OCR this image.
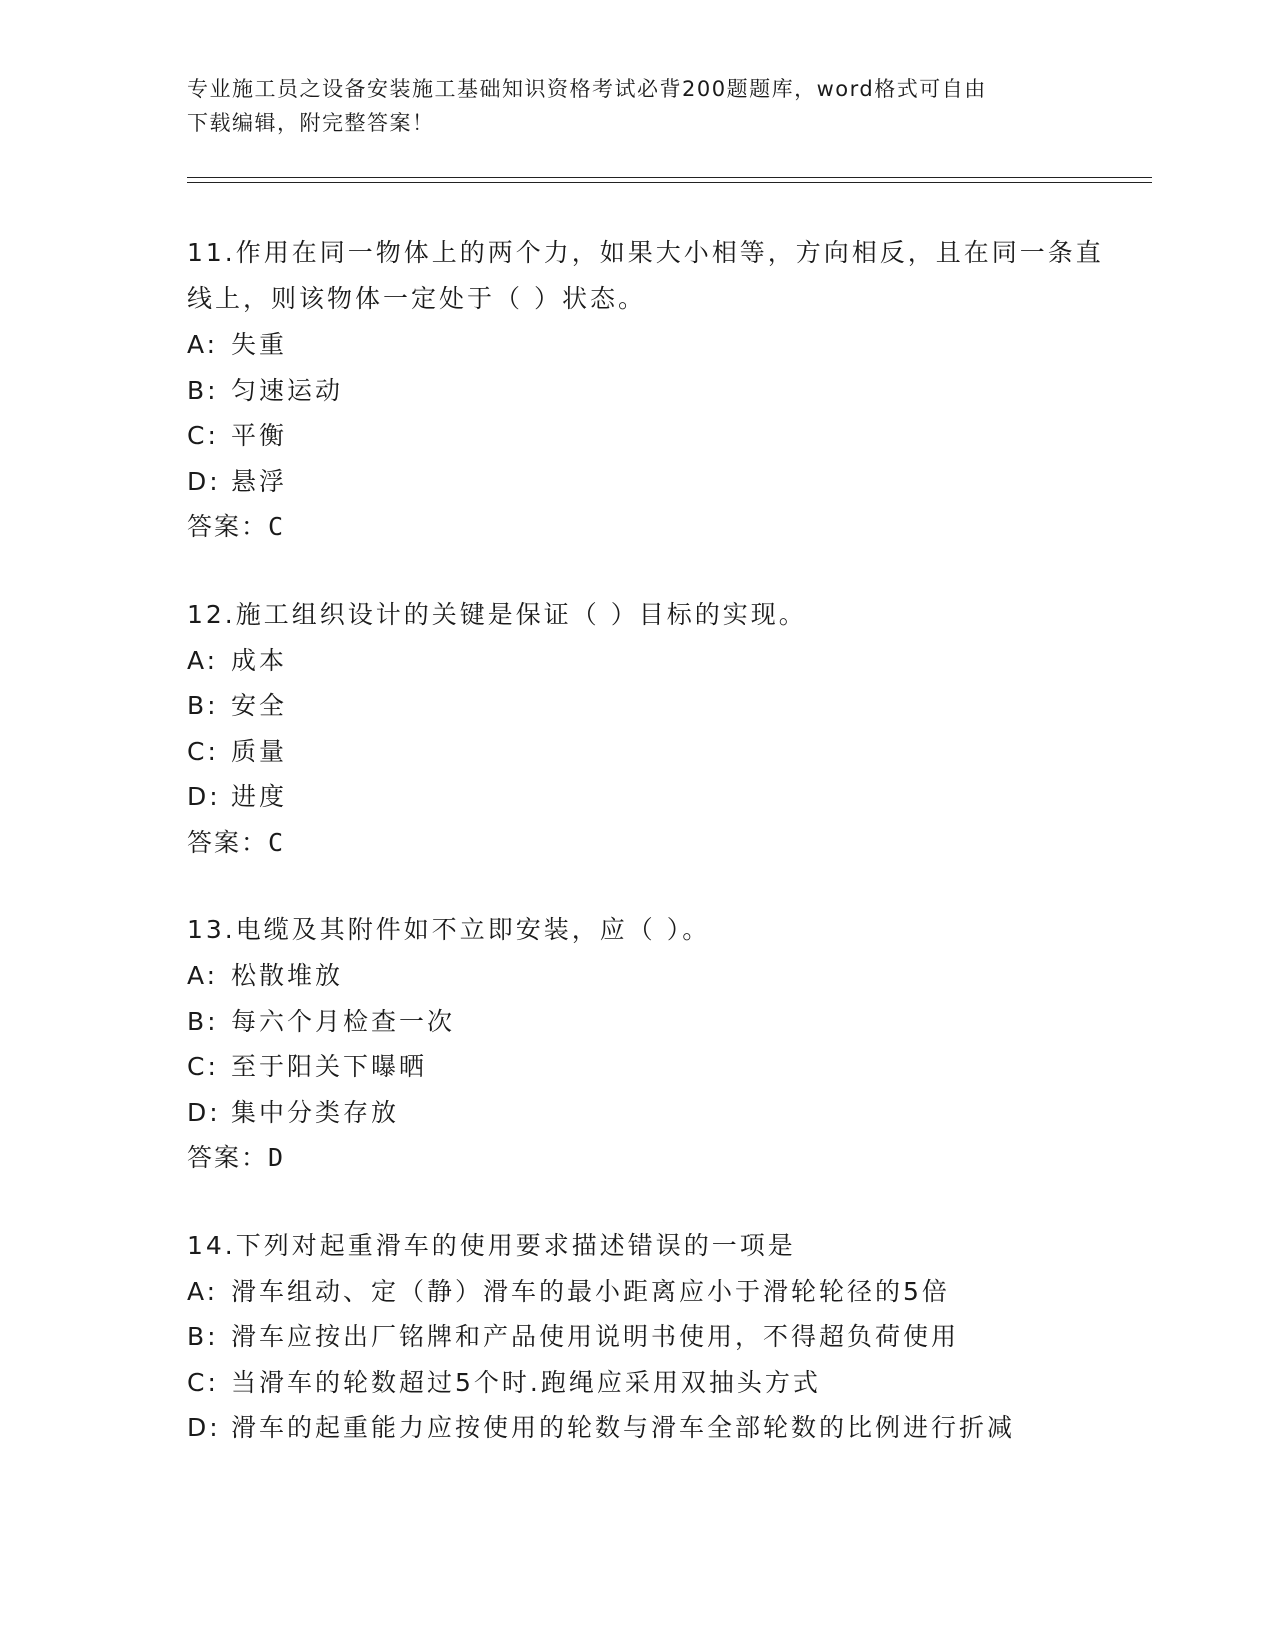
专业施工员之设备安装施工基础知识资格考试必背200题题库，word格式可自由
下载编辑，附完整答案！

11.作用在同一物体上的两个力，如果大小相等，方向相反，且在同一条直线上，则该物体一定处于（ ）状态。

A: 失重

B: 匀速运动

C: 平衡

D: 悬浮

答案：C

12.施工组织设计的关键是保证（ ）目标的实现。

A: 成本

B: 安全

C: 质量

D: 进度

答案：C

13.电缆及其附件如不立即安装，应（ ）。

A: 松散堆放

B: 每六个月检查一次

C: 至于阳关下曝晒

D: 集中分类存放

答案：D

14.下列对起重滑车的使用要求描述错误的一项是

A: 滑车组动、定（静）滑车的最小距离应小于滑轮轮径的5倍

B: 滑车应按出厂铭牌和产品使用说明书使用，不得超负荷使用

C: 当滑车的轮数超过5个时.跑绳应采用双抽头方式

D: 滑车的起重能力应按使用的轮数与滑车全部轮数的比例进行折减
